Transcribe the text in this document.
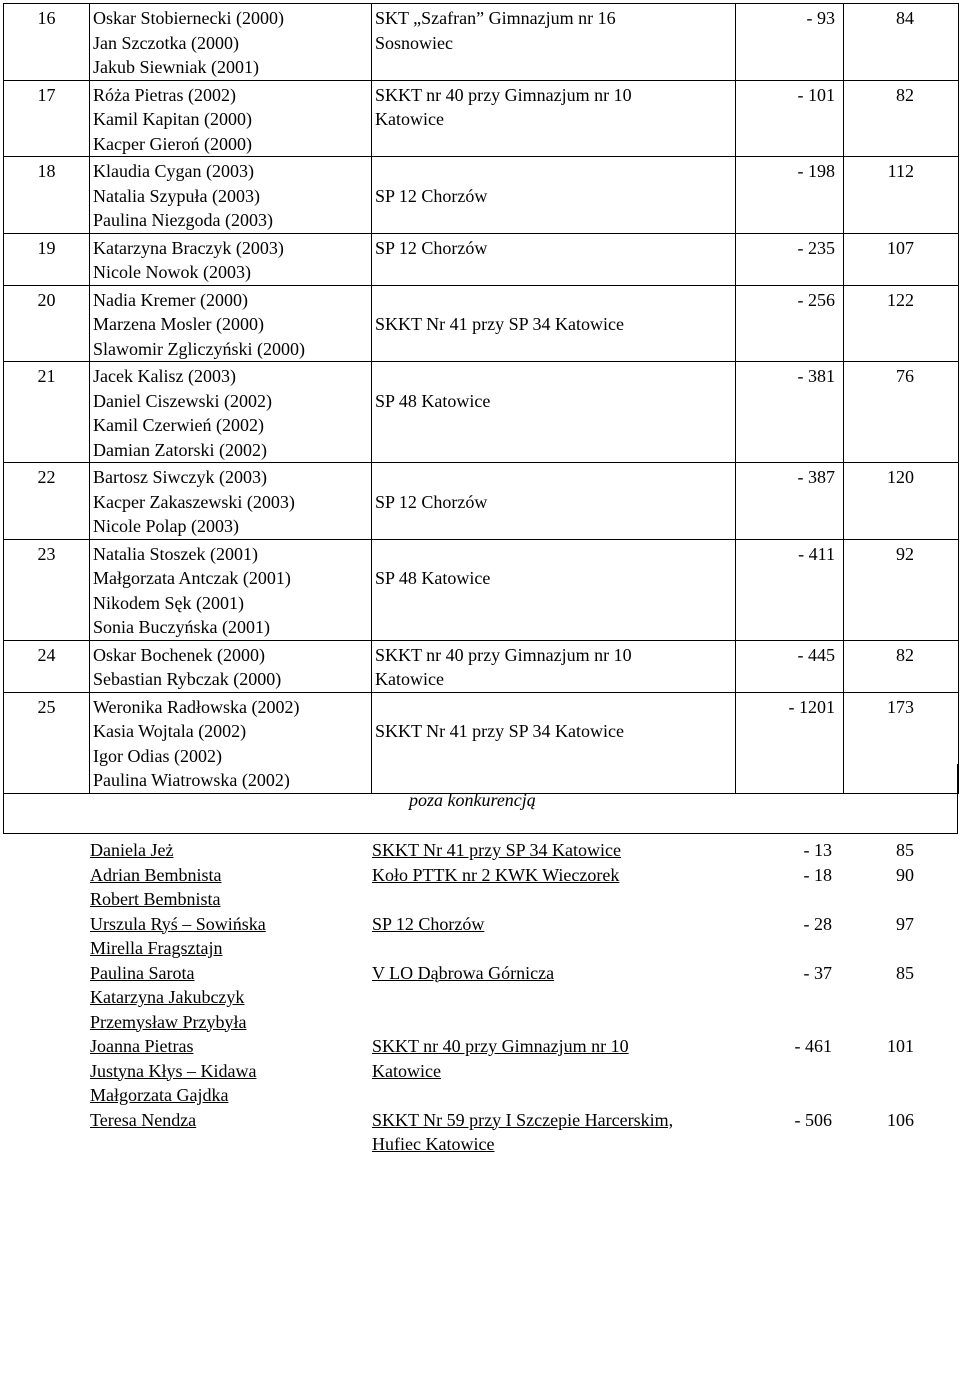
16	Oskar Stobiernecki (2000)
Jan Szczotka (2000)
Jakub Siewniak (2001)	SKT „Szafran” Gimnazjum nr 16
Sosnowiec	- 93	84
17	Róża Pietras (2002)
Kamil Kapitan (2000)
Kacper Gieroń (2000)	SKKT nr 40 przy Gimnazjum nr 10
Katowice	- 101	82
18	Klaudia Cygan (2003)
Natalia Szypuła (2003)
Paulina Niezgoda (2003)	SP 12 Chorzów	- 198	112
19	Katarzyna Braczyk (2003)
Nicole Nowok (2003)	SP 12 Chorzów	- 235	107
20	Nadia Kremer (2000)
Marzena Mosler (2000)
Slawomir Zgliczyński (2000)	SKKT Nr 41 przy SP 34 Katowice	- 256	122
21	Jacek Kalisz (2003)
Daniel Ciszewski (2002)
Kamil Czerwień (2002)
Damian Zatorski (2002)	SP 48 Katowice	- 381	76
22	Bartosz Siwczyk (2003)
Kacper Zakaszewski (2003)
Nicole Polap (2003)	SP 12 Chorzów	- 387	120
23	Natalia Stoszek (2001)
Małgorzata Antczak (2001)
Nikodem Sęk (2001)
Sonia Buczyńska (2001)	SP 48 Katowice	- 411	92
24	Oskar Bochenek (2000)
Sebastian Rybczak (2000)	SKKT nr 40 przy Gimnazjum nr 10
Katowice	- 445	82
25	Weronika Radłowska (2002)
Kasia Wojtala (2002)
Igor Odias (2002)
Paulina Wiatrowska (2002)	SKKT Nr 41 przy SP 34 Katowice	- 1201	173
poza konkurencją
Daniela Jeż	SKKT Nr 41 przy SP 34 Katowice	- 13	85

Adrian Bembnista
Robert Bembnista	Koło PTTK nr 2 KWK Wieczorek	- 18	90

Urszula Ryś – Sowińska
Mirella Fragsztajn	SP 12 Chorzów	- 28	97

Paulina Sarota
Katarzyna Jakubczyk
Przemysław Przybyła	V LO Dąbrowa Górnicza	- 37	85

Joanna Pietras
Justyna Kłys – Kidawa
Małgorzata Gajdka	SKKT nr 40 przy Gimnazjum nr 10
Katowice	- 461	101

Teresa Nendza	SKKT Nr 59 przy I Szczepie Harcerskim,
Hufiec Katowice	- 506	106
